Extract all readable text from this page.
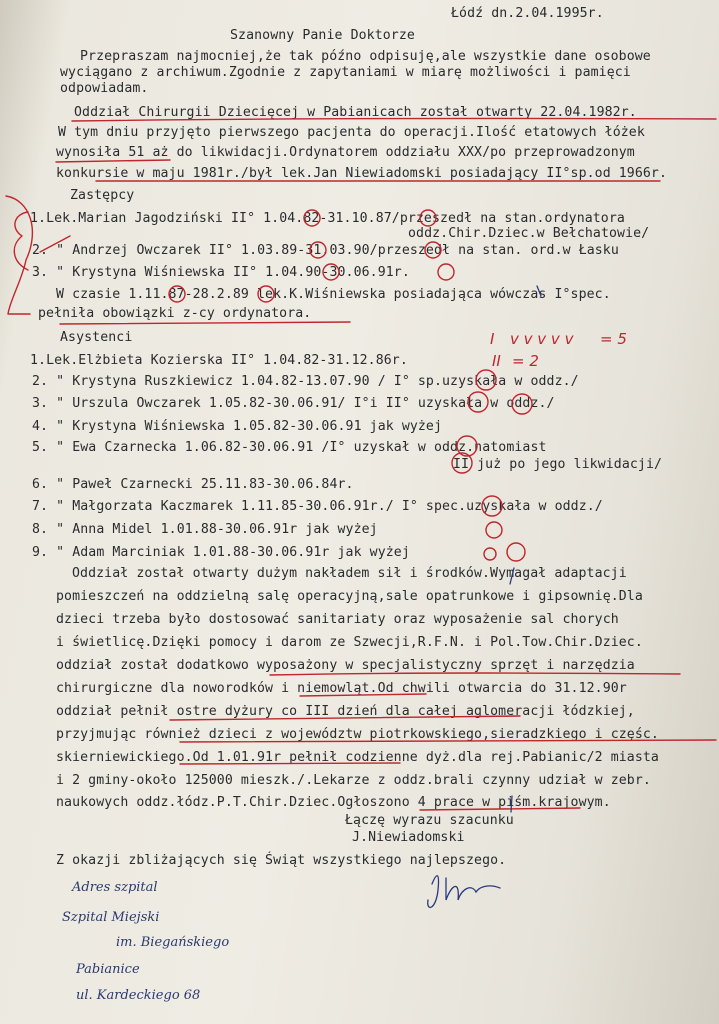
Łódź dn.2.04.1995r.

Szanowny Panie Doktorze

Przepraszam najmocniej,że tak późno odpisuję,ale wszystkie dane osobowe

wyciągano z archiwum.Zgodnie z zapytaniami w miarę możliwości i pamięci

odpowiadam.

Oddział Chirurgii Dziecięcej w Pabianicach został otwarty 22.04.1982r.

W tym dniu przyjęto pierwszego pacjenta do operacji.Ilość etatowych łóżek

wynosiła 51 aż do likwidacji.Ordynatorem oddziału XXX/po przeprowadzonym

konkursie w maju 1981r./był lek.Jan Niewiadomski posiadający II°sp.od 1966r.

Zastępcy

1.Lek.Marian Jagodziński II° 1.04.82-31.10.87/przeszedł na stan.ordynatora

oddz.Chir.Dziec.w Bełchatowie/

2. " Andrzej Owczarek II° 1.03.89-31.03.90/przeszedł na stan. ord.w Łasku

3. " Krystyna Wiśniewska II° 1.04.90-30.06.91r.

W czasie 1.11.87-28.2.89 lek.K.Wiśniewska posiadająca wówczas I°spec.

pełniła obowiązki z-cy ordynatora.

Asystenci

1.Lek.Elżbieta Kozierska II° 1.04.82-31.12.86r.

2. " Krystyna Ruszkiewicz 1.04.82-13.07.90 / I° sp.uzyskała w oddz./

3. " Urszula Owczarek 1.05.82-30.06.91/ I°i II° uzyskała w oddz./

4. " Krystyna Wiśniewska 1.05.82-30.06.91 jak wyżej

5. " Ewa Czarnecka 1.06.82-30.06.91 /I° uzyskał w oddz.natomiast

II już po jego likwidacji/

6. " Paweł Czarnecki 25.11.83-30.06.84r.

7. " Małgorzata Kaczmarek 1.11.85-30.06.91r./ I° spec.uzyskała w oddz./

8. " Anna Midel 1.01.88-30.06.91r jak wyżej

9. " Adam Marciniak 1.01.88-30.06.91r jak wyżej

Oddział został otwarty dużym nakładem sił i środków.Wymagał adaptacji

pomieszczeń na oddzielną salę operacyjną,sale opatrunkowe i gipsownię.Dla

dzieci trzeba było dostosować sanitariaty oraz wyposażenie sal chorych

i świetlicę.Dzięki pomocy i darom ze Szwecji,R.F.N. i Pol.Tow.Chir.Dziec.

oddział został dodatkowo wyposażony w specjalistyczny sprzęt i narzędzia

chirurgiczne dla noworodków i niemowląt.Od chwili otwarcia do 31.12.90r

oddział pełnił ostre dyżury co III dzień dla całej aglomeracji łódzkiej,

przyjmując również dzieci z województw piotrkowskiego,sieradzkiego i częśc.

skierniewickiego.Od 1.01.91r pełnił codzienne dyż.dla rej.Pabianic/2 miasta

i 2 gminy-około 125000 mieszk./.Lekarze z oddz.brali czynny udział w zebr.

naukowych oddz.łódz.P.T.Chir.Dziec.Ogłoszono 4 prace w piśm.krajowym.

Łączę wyrazu szacunku

J.Niewiadomski

Z okazji zbliżających się Świąt wszystkiego najlepszego.

Adres szpital
Szpital Miejski
im. Biegańskiego
Pabianice
ul. Kardeckiego 68
I v v v v v = 5
II = 2
